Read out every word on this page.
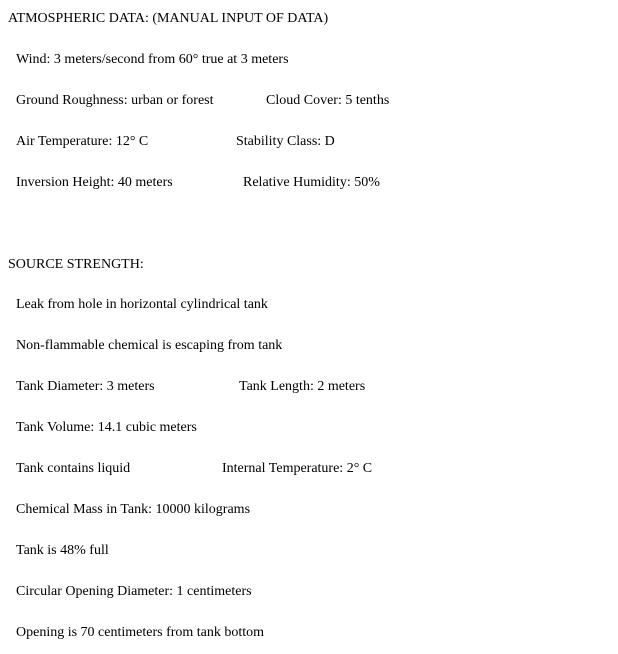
ATMOSPHERIC DATA: (MANUAL INPUT OF DATA)
Wind: 3 meters/second from 60° true at 3 meters
Ground Roughness: urban or forest	Cloud Cover: 5 tenths
Air Temperature: 12° C	Stability Class: D
Inversion Height: 40 meters	Relative Humidity: 50%
SOURCE STRENGTH:
Leak from hole in horizontal cylindrical tank
Non-flammable chemical is escaping from tank
Tank Diameter: 3 meters	Tank Length: 2 meters
Tank Volume: 14.1 cubic meters
Tank contains liquid	Internal Temperature: 2° C
Chemical Mass in Tank: 10000 kilograms
Tank is 48% full
Circular Opening Diameter: 1 centimeters
Opening is 70 centimeters from tank bottom
